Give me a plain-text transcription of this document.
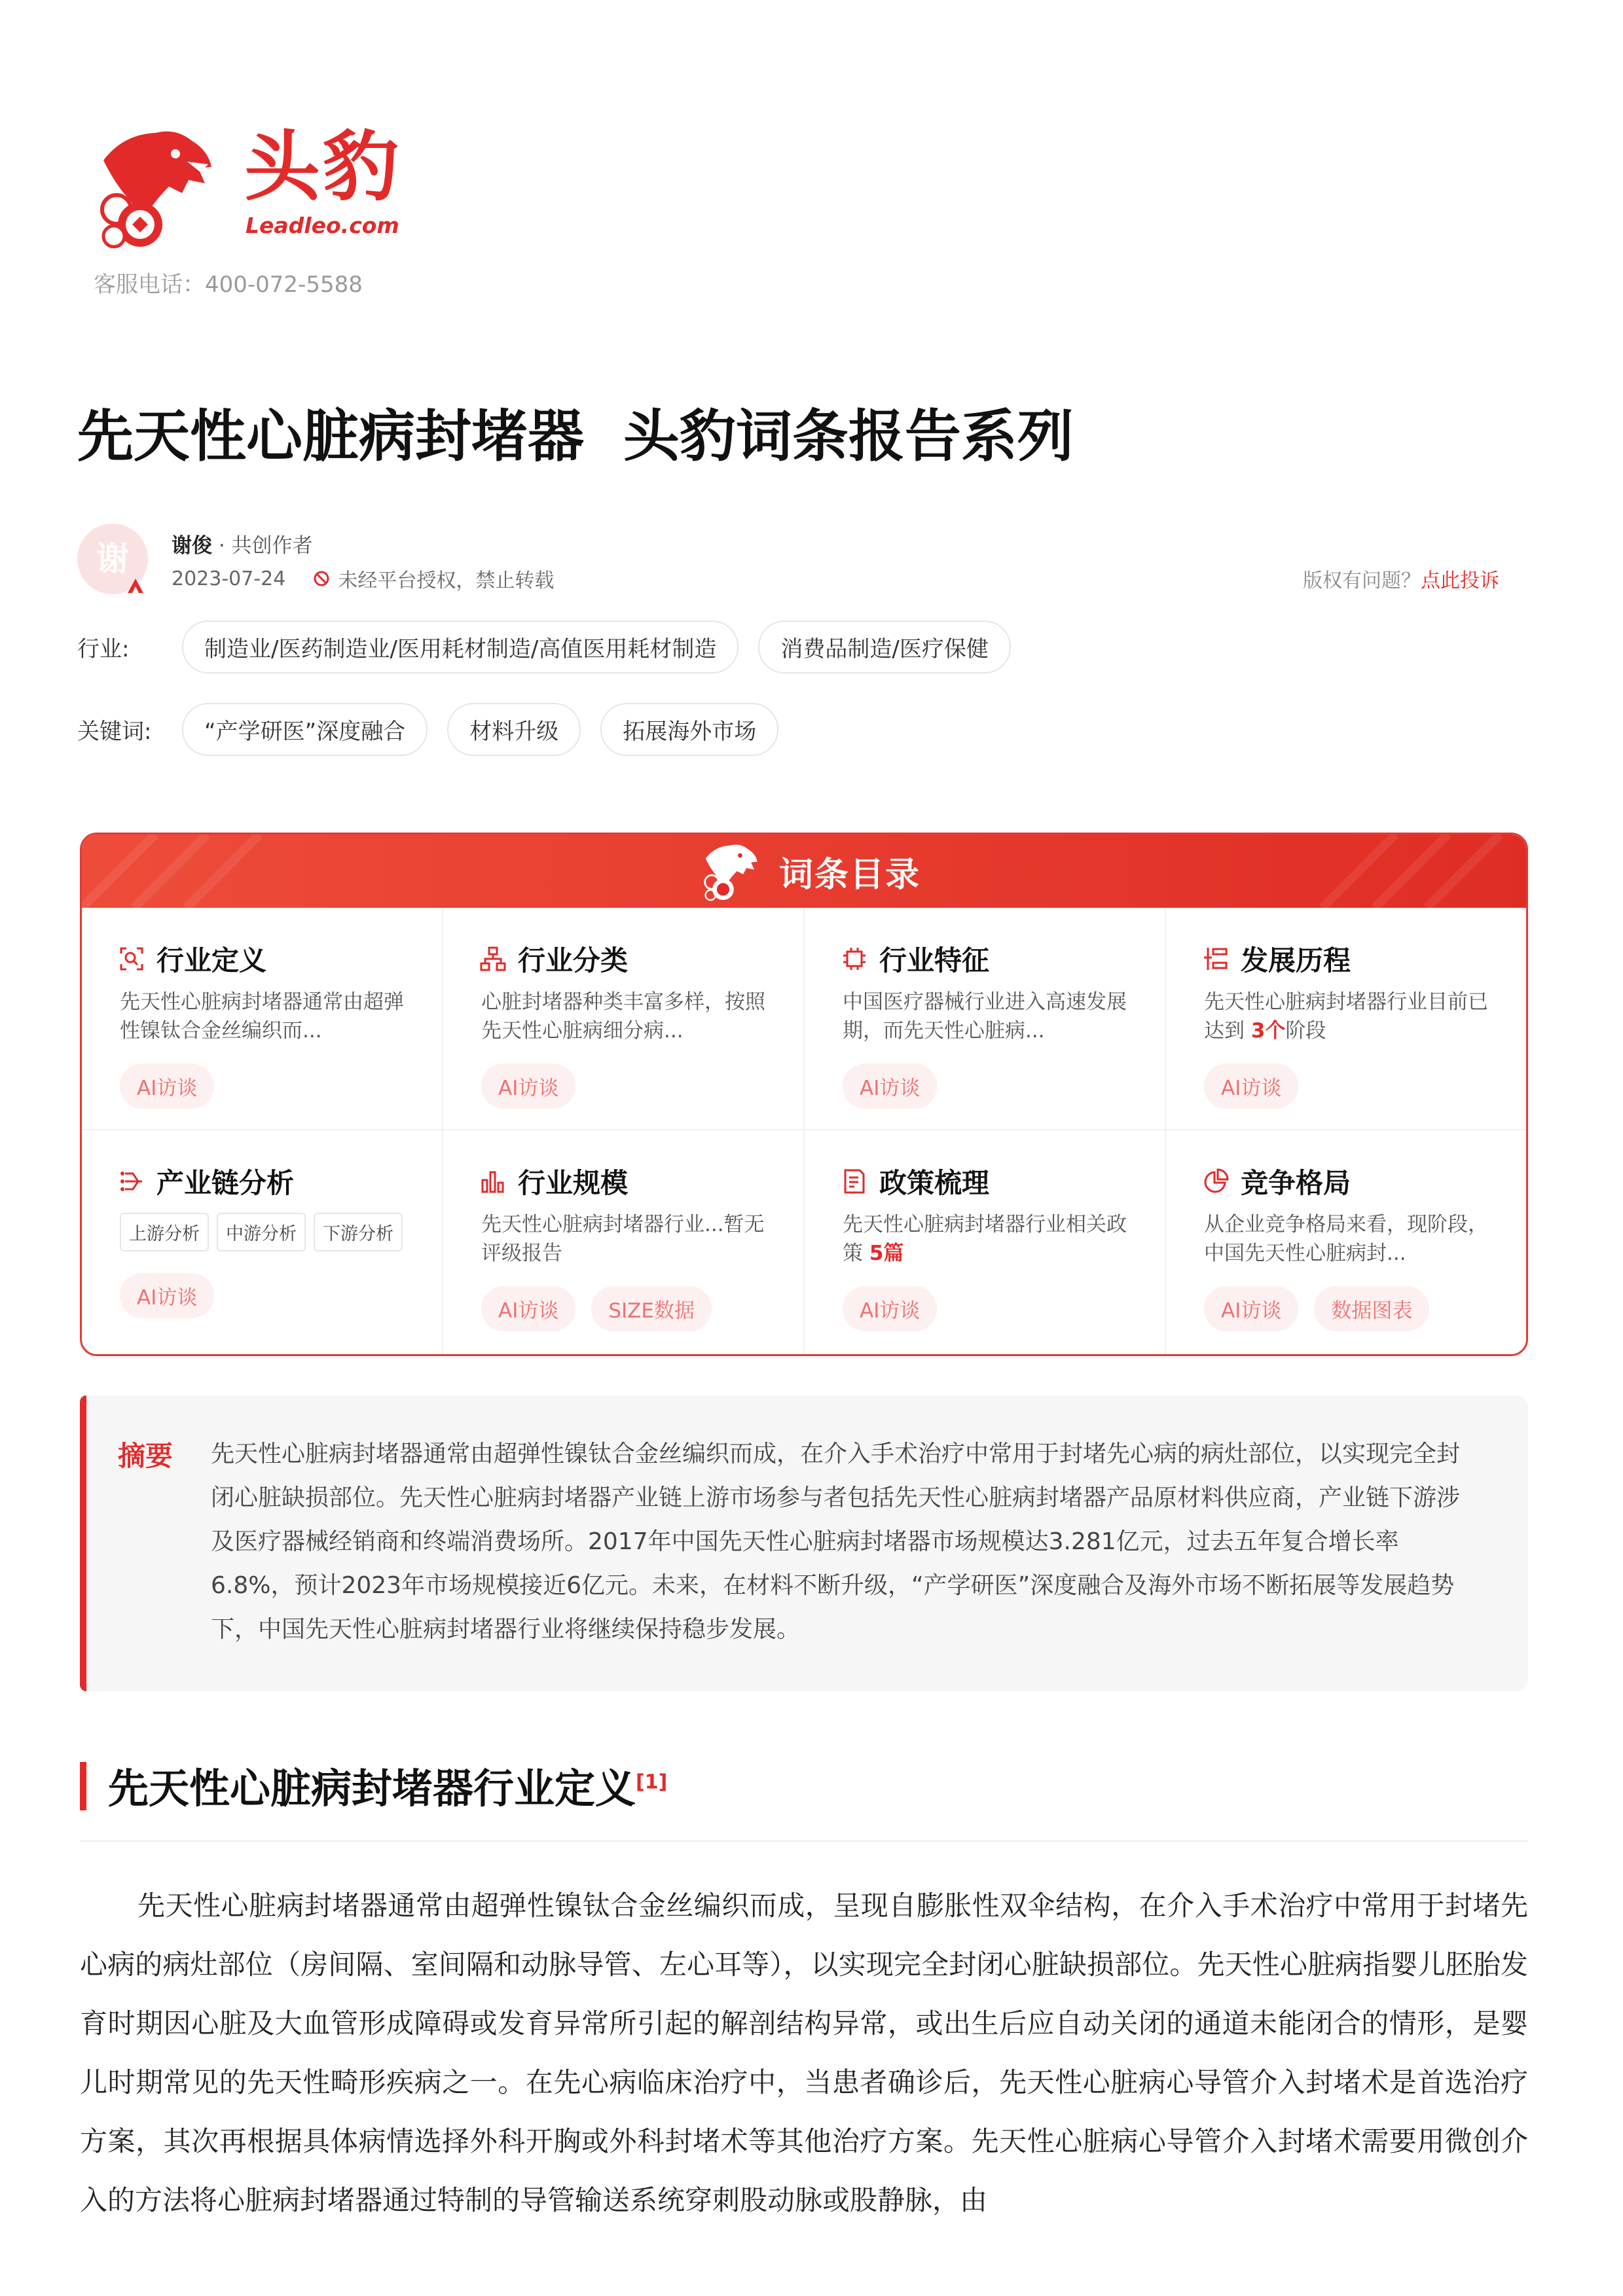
头豹
Leadleo.com
客服电话：400-072-5588
先天性心脏病封堵器  头豹词条报告系列
谢	谢俊 · 共创作者
2023-07-24	未经平台授权，禁止转载	版权有问题？点此投诉
行业:	制造业/医药制造业/医用耗材制造/高值医用耗材制造	消费品制造/医疗保健
关键词:	“产学研医”深度融合	材料升级	拓展海外市场
词条目录
行业定义
先天性心脏病封堵器通常由超弹性镍钛合金丝编织而...
AI访谈
行业分类
心脏封堵器种类丰富多样，按照先天性心脏病细分病...
AI访谈
行业特征
中国医疗器械行业进入高速发展期，而先天性心脏病...
AI访谈
发展历程
先天性心脏病封堵器行业目前已达到 3个阶段
AI访谈
产业链分析
上游分析	中游分析	下游分析
AI访谈
行业规模
先天性心脏病封堵器行业...暂无评级报告
AI访谈	SIZE数据
政策梳理
先天性心脏病封堵器行业相关政策 5篇
AI访谈
竞争格局
从企业竞争格局来看，现阶段，中国先天性心脏病封...
AI访谈	数据图表
摘要 先天性心脏病封堵器通常由超弹性镍钛合金丝编织而成，在介入手术治疗中常用于封堵先心病的病灶部位，以实现完全封闭心脏缺损部位。先天性心脏病封堵器产业链上游市场参与者包括先天性心脏病封堵器产品原材料供应商，产业链下游涉及医疗器械经销商和终端消费场所。2017年中国先天性心脏病封堵器市场规模达3.281亿元，过去五年复合增长率6.8%，预计2023年市场规模接近6亿元。未来，在材料不断升级，“产学研医”深度融合及海外市场不断拓展等发展趋势下，中国先天性心脏病封堵器行业将继续保持稳步发展。
先天性心脏病封堵器行业定义[1]
先天性心脏病封堵器通常由超弹性镍钛合金丝编织而成，呈现自膨胀性双伞结构，在介入手术治疗中常用于封堵先心病的病灶部位（房间隔、室间隔和动脉导管、左心耳等），以实现完全封闭心脏缺损部位。先天性心脏病指婴儿胚胎发育时期因心脏及大血管形成障碍或发育异常所引起的解剖结构异常，或出生后应自动关闭的通道未能闭合的情形，是婴儿时期常见的先天性畸形疾病之一。在先心病临床治疗中，当患者确诊后，先天性心脏病心导管介入封堵术是首选治疗方案，其次再根据具体病情选择外科开胸或外科封堵术等其他治疗方案。先天性心脏病心导管介入封堵术需要用微创介入的方法将心脏病封堵器通过特制的导管输送系统穿刺股动脉或股静脉，由
